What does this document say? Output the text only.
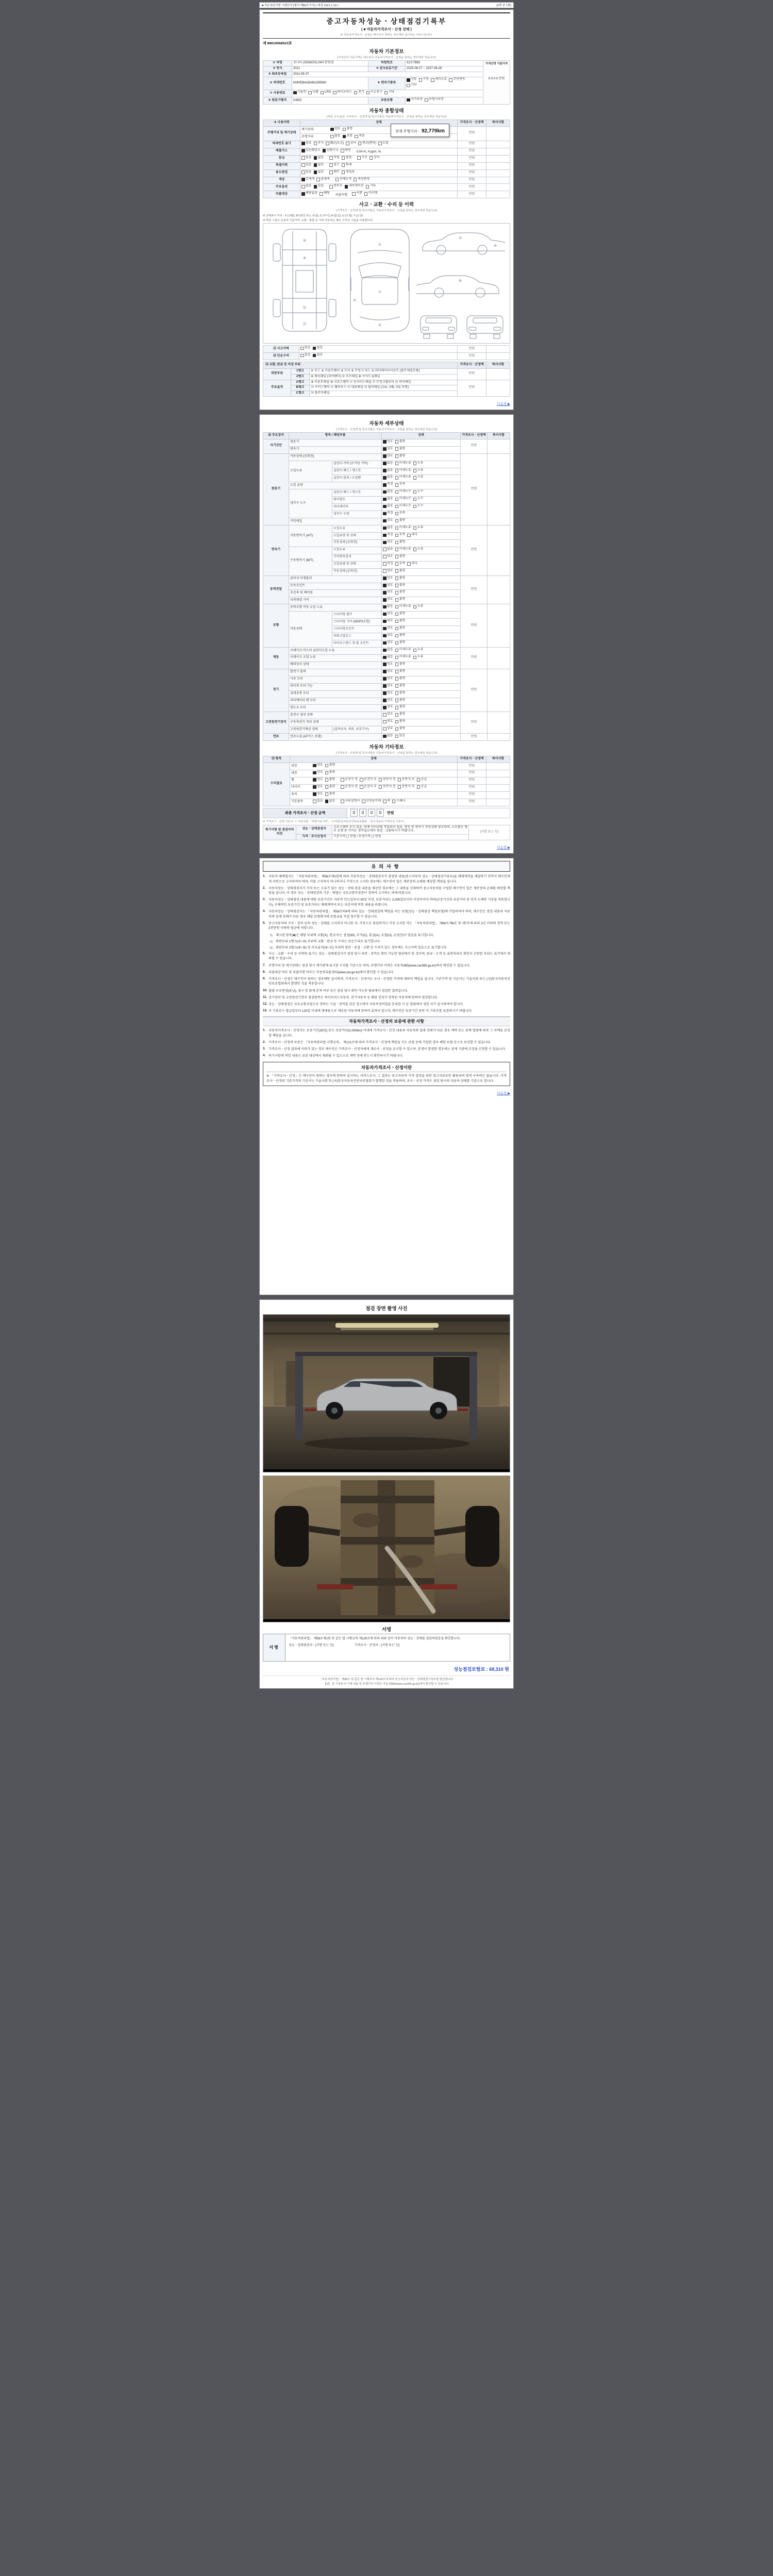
■ 자동차관리법 시행규칙 [별지 제82호서식] <개정 2021.1.19.>	(2쪽 중 1쪽)
중고자동차성능ㆍ상태점검기록부
( ■ 자동차가격조사ㆍ산정 선택 )
※ 자동차가격조사ㆍ산정은 매수인이 원하는 경우에만 실시하는 서비스입니다.
제 98010068523호
자동차 기본정보
(가격산정 기준가격은 매수인이 자동차가격조사ㆍ산정을 원하는 경우에만 적습니다)
① 차명	쏘나타 (SONATA) 04부분변경	차량번호	31보7699	가격산정 기준가격
0 0 0 0 만원

② 연식	2011	③ 검사유효기간	2025-06-27 ~ 2027-06-26	
④ 최초등록일	2011-05-27			
⑤ 차대번호	KMHEB41BABA295990	⑥ 변속기종류	자동 수동 세미오토 무단변속
기타	
⑦ 사용연료	가솔린 디젤 LPG 하이브리드 전기 수소전기 기타
⑧ 원동기형식	G4KD	보증유형	자가보증 보험사보증	
자동차 종합상태
(색상, 주요옵션, 가격조사ㆍ산정액 및 특이사항은 자동차가격조사ㆍ산정을 원하는 경우에만 적습니다)
⑨ 사용이력	상태	가격조사ㆍ산정액	특이사항
주행거리 및 계기상태	계기상태 양호 불량	만원	
	주행거리 많음 보통 적음		
차대번호 표기	양호 부식 훼손(오손) 상이 변조(변타) 도말	만원	
배출가스	일산화탄소 탄화수소 매연0.04 %, 4 ppm, %	만원	
튜닝	있음 없음	적법 불법	구조 장치	만원	
특별이력	있음 없음 침수 화재	만원	
용도변경	있음 없음 렌트 영업용	만원	
색상	무채색 유채색 전체도색 색상변경	만원	
주요옵션	없음 있음 썬루프 네비게이션 기타	만원	
리콜대상	해당없음 해당리콜이행 :
이행 미이행	만원	
현재 주행거리 : 92,779km
사고ㆍ교환ㆍ수리 등 이력
(가격조사ㆍ산정액 및 특이사항은 자동차가격조사ㆍ산정을 원하는 경우에만 적습니다)
※ 상태표시 부호 : X (교환), W (판금 또는 용접), C (부식), A (흠집), U (요철), T (손상)
※ 하단 그림은 승용차 기준이며, 승합ㆍ화물 등 기타 자동차는 별도 서식의 그림을 사용합니다.
⑩
⑨
⑯
⑱
①
⑦
④
③
②
⑥
⑧
⑪ 사고이력	있음 없음	만원	
⑫ 단순수리	있음 없음	만원	
⑬ 교환, 판금 등 이상 부위			가격조사ㆍ산정액	특이사항
외판부위	1랭크	① 후드 ② 프론트펜더 ③ 도어 ④ 트렁크 리드 ⑤ 라디에이터서포트 (볼트체결부품)	만원	
	2랭크	⑥ 쿼터패널 (리어펜더) ⑦ 루프패널 ⑧ 사이드실패널		
주요골격	A랭크	⑨ 프론트패널 ⑩ 크로스멤버 ⑪ 인사이드패널 ⑰ 트렁크플로어 ⑱ 리어패널	만원	
	B랭크	⑫ 사이드멤버 ⑬ 휠하우스 ⑮ 대쉬패널 ⑭ 필러패널 (⑭A, ⑭B, ⑭C 포함)		
	C랭크	⑯ 플로어패널		
다음장 ▶
자동차 세부상태
(가격조사ㆍ산정액 및 특이사항은 자동차가격조사ㆍ산정을 원하는 경우에만 적습니다)
⑭ 주요장치	항목 / 해당부품		상태	가격조사ㆍ산정액	특이사항
자기진단	원동기		양호 불량	만원	
	변속기		양호 불량		
원동기	작동상태 (공회전)		양호 불량	만원	
	오일누유	실린더 커버 (로커암 커버)	없음 미세누유 누유		
		실린더 헤드 / 개스킷	없음 미세누유 누유		
		실린더 블록 / 오일팬	없음 미세누유 누유		
	오일 유량		적정 부족		
	냉각수 누수	실린더 헤드 / 개스킷	없음 미세누수 누수		
		워터펌프	없음 미세누수 누수		
		라디에이터	없음 미세누수 누수		
		냉각수 수량	적정 부족		
	커먼레일		양호 불량		
변속기	자동변속기 (A/T)	오일누유	없음 미세누유 누유	만원	
		오일유량 및 상태	적정 부족 과다		
		작동상태 (공회전)	양호 불량		
	수동변속기 (M/T)	오일누유	없음 미세누유 누유		
		기어변속장치	양호 불량		
		오일유량 및 상태	적정 부족 과다		
		작동상태 (공회전)	양호 불량		
동력전달	클러치 어셈블리		양호 불량	만원	
	등속조인트		양호 불량		
	추진축 및 베어링		양호 불량		
	디퍼렌셜 기어		양호 불량		
조향	동력조향 작동 오일 누유		없음 미세누유 누유	만원	
	작동상태	스티어링 펌프	양호 불량		
		스티어링 기어 (MDPS포함)	양호 불량		
		스티어링조인트	양호 불량		
		파워고압호스	양호 불량		
		타이로드엔드 및 볼 조인트	양호 불량		
제동	브레이크 마스터 실린더오일 누유		없음 미세누유 누유	만원	
	브레이크 오일 누유		없음 미세누유 누유		
	배력장치 상태		양호 불량		
전기	발전기 출력		양호 불량	만원	
	시동 모터		양호 불량		
	와이퍼 모터 기능		양호 불량		
	실내송풍 모터		양호 불량		
	라디에이터 팬 모터		양호 불량		
	윈도우 모터		양호 불량		
고전원전기장치	충전구 절연 상태		양호 불량	만원	
	구동축전지 격리 상태		양호 불량		
	고전원전기배선 상태	(접속단자, 피복, 보호기구)	양호 불량		
연료	연료누출 (LP가스 포함)		없음 있음	만원	
자동차 기타정보
(가격조사ㆍ산정액 및 특이사항은 자동차가격조사ㆍ산정을 원하는 경우에만 적습니다)
⑮ 항목	상태	가격조사ㆍ산정액	특이사항
수리필요	외장 양호 불량	만원	
	내장 양호 불량	만원	
휠	양호 불량	운전석 전 운전석 후 동반석 전 동반석 후 응급	만원	
타이어	양호 불량	운전석 전 운전석 후 동반석 전 동반석 후 응급	만원	
	유리 양호 불량	만원	
기본품목	있음 없음	사용설명서 안전삼각대 잭 스패너	만원	
최종 가격조사ㆍ산정 금액	0	0	0	0	만원
※ 가격조사ㆍ산정 기준서 : □ 기술사회 「차량기준가액」 □ (사)한국자동차진단보증협회 「중고자동차 가격산정 기준서」
특기사항 및 점검자의 의견	성능ㆍ상태점검자	크로스멤버 부식 있음. 하체 언더코팅 작업되어 있음. 엔진 및 변속기 작동상태 양호하며, 소모품은 향후 운행 중 가까운 정비업소에서 점검ㆍ교환하시기 바랍니다.	(서명 또는 인)
	가격ㆍ조사산정자	기준가격 ( ) 만원 / 보정가격 ( ) 만원	
다음장 ▶
유의사항
1. 자동차 매매업자는 「자동차관리법」 제58조제1항에 따라 자동차성능ㆍ상태점검자가 점검한 내용(중고자동차 성능ㆍ상태점검기록부)을 매매계약을 체결하기 전까지 매수인에게 서면으로 고지하여야 하며, 이를 고지하지 아니하거나 거짓으로 고지한 경우에는 매수인이 입은 재산상의 손해를 배상할 책임을 집니다.
2. 자동차성능ㆍ상태점검자가 거짓 또는 오류가 있는 성능ㆍ상태 점검 내용을 제공한 경우에는 그 내용을 신뢰하여 중고자동차를 구입한 매수인이 입은 재산상의 손해를 배상할 책임을 집니다. 이 경우 성능ㆍ상태점검의 기준ㆍ방법은 국토교통부장관이 정하여 고시하는 바에 따릅니다.
3. 자동차성능ㆍ상태점검 내용에 대한 보증기간은 자동차 인도일부터 30일 이상, 보증거리는 2,000킬로미터 이상이어야 하며(보증기간과 보증거리 중 먼저 도래한 기준을 적용합니다), 구체적인 보증기간 및 보증거리는 매매계약서 또는 보증서에 적힌 내용을 따릅니다.
4. 자동차성능ㆍ상태점검자는 「자동차관리법」 제58조의4에 따라 성능ㆍ상태점검에 책임을 지는 보험(성능ㆍ상태점검 책임보험)에 가입하여야 하며, 매수인은 점검 내용과 자동차의 실제 상태가 다른 경우 해당 보험회사에 보험금을 직접 청구할 수 있습니다.
5. 중고자동차의 구조ㆍ장치 등의 성능ㆍ상태를 고지하지 아니한 자, 거짓으로 점검하거나 거짓 고지한 자는 「자동차관리법」 제80조제6호 및 제7호에 따라 2년 이하의 징역 또는 2천만원 이하의 벌금에 처합니다.
가. 체크된 항목(■)은 해당 부위에 교환(X), 판금 또는 용접(W), 부식(C), 흠집(A), 요철(U), 손상(T)이 있음을 표시합니다.
나. 외판부위 1랭크(①~⑤) 부위의 교환ㆍ판금 등 수리는 단순수리로 표기합니다.
다. 외판부위 2랭크(⑥~⑧) 및 주요골격(⑨~⑱) 부위의 절단ㆍ용접ㆍ교환 등 수리가 있는 경우에는 사고이력 있음으로 표기합니다.
6. 사고ㆍ교환ㆍ수리 등 이력의 표기는 성능ㆍ상태점검자가 점검 당시 육안ㆍ장비로 확인 가능한 범위에서 한 것이며, 판금ㆍ도색 등 표면처리로 확인이 곤란한 부위는 표기에서 제외될 수 있습니다.
7. 주행거리 및 계기상태는 점검 당시 계기판에 표시된 수치를 기준으로 하며, 주행거리 이력은 자동차365(www.car365.go.kr)에서 확인할 수 있습니다.
8. 리콜대상 여부 및 리콜이행 여부는 자동차리콜센터(www.car.go.kr)에서 확인할 수 있습니다.
9. 가격조사ㆍ산정은 매수인이 원하는 경우에만 실시하며, 가격조사ㆍ산정자는 조사ㆍ산정한 가격에 대하여 책임을 집니다. 기준가격 및 기준서는 기술사회 또는 (사)한국자동차진단보증협회에서 발행한 것을 적용합니다.
10. 불법 구조변경(튜닝), 침수 및 화재 흔적 여부 등은 점검 당시 확인 가능한 범위에서 점검한 결과입니다.
11. 전기장치 및 고전원전기장치 점검항목은 하이브리드자동차, 전기자동차 등 해당 장치가 장착된 자동차에 한하여 점검합니다.
12. 성능ㆍ상태점검은 국토교통부령으로 정하는 시설ㆍ장비를 갖춘 장소에서 자동차정비업을 등록한 자 등 법령에서 정한 자가 실시하여야 합니다.
13. 이 기록부는 발급일부터 120일 이내에 매매용으로 제공된 자동차에 한하여 효력이 있으며, 매수인은 보증기간 동안 이 기록부를 보관하시기 바랍니다.
자동차가격조사ㆍ산정의 보증에 관한 사항
1. 자동차가격조사ㆍ산정자는 보증기간(30일) 또는 보증거리(2,000km) 이내에 가격조사ㆍ산정 내용과 자동차의 실제 상태가 다른 경우 계약 또는 관계 법령에 따라 그 차액을 보상할 책임을 집니다.
2. 가격조사ㆍ산정의 보증은 「자동차관리법 시행규칙」 제121조에 따라 가격조사ㆍ산정에 책임을 지는 보험 등에 가입한 경우 해당 보험 등으로 보상할 수 있습니다.
3. 가격조사ㆍ산정 결과에 이의가 있는 경우 매수인은 가격조사ㆍ산정자에게 재조사ㆍ산정을 요구할 수 있으며, 분쟁이 발생한 경우에는 관계 기관에 조정을 신청할 수 있습니다.
4. 특기사항에 적힌 내용은 보증 대상에서 제외될 수 있으므로 계약 전에 반드시 확인하시기 바랍니다.
자동차가격조사ㆍ산정이란
※ 「가격조사ㆍ산정」은 매수인이 원하는 경우에 한하여 실시하는 서비스로서, 그 결과는 중고자동차 가격 결정을 위한 참고자료로만 활용되며 법적 구속력은 없습니다. 가격조사ㆍ산정의 기준가격과 기준서는 기술사회 및 (사)한국자동차진단보증협회가 발행한 것을 적용하며, 조사ㆍ산정 가격은 점검 당시의 자동차 상태를 기준으로 합니다.
다음장 ▶
점검 장면 촬영 사진
서명
서명
「자동차관리법」 제58조제1항 및 같은 법 시행규칙 제120조에 따라 위와 같이 자동차의 성능ㆍ상태를 점검하였음을 확인합니다.
성능ㆍ상태점검자 : (서명 또는 인)	가격조사ㆍ산정자 : (서명 또는 인)
성능점검보험료 : 68,310 원
「자동차관리법」 제58조 및 같은 법 시행규칙 제120조에 따라 중고자동차 성능ㆍ상태점검기록부를 발급합니다.
【Ⅴ】 본 기록부의 기재 내용 및 주행거리 이력은 자동차365(www.car365.go.kr)에서 확인할 수 있습니다.
